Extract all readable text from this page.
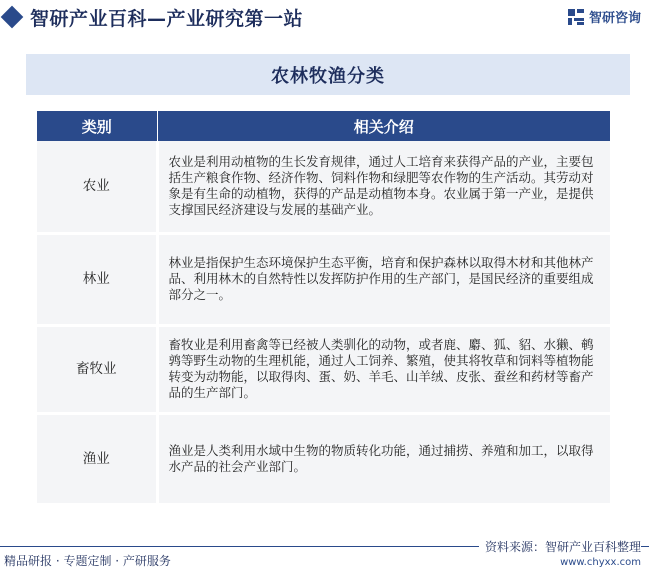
智研产业百科—产业研究第一站	智研咨询
农林牧渔分类
类别	相关介绍
农业	农业是利用动植物的生长发育规律，通过人工培育来获得产品的产业，主要包括生产粮食作物、经济作物、饲料作物和绿肥等农作物的生产活动。其劳动对象是有生命的动植物，获得的产品是动植物本身。农业属于第一产业，是提供支撑国民经济建设与发展的基础产业。
林业	林业是指保护生态环境保护生态平衡，培育和保护森林以取得木材和其他林产品、利用林木的自然特性以发挥防护作用的生产部门，是国民经济的重要组成部分之一。
畜牧业	畜牧业是利用畜禽等已经被人类驯化的动物，或者鹿、麝、狐、貂、水獭、鹌鹑等野生动物的生理机能，通过人工饲养、繁殖，使其将牧草和饲料等植物能转变为动物能，以取得肉、蛋、奶、羊毛、山羊绒、皮张、蚕丝和药材等畜产品的生产部门。
渔业	渔业是人类利用水域中生物的物质转化功能，通过捕捞、养殖和加工，以取得水产品的社会产业部门。
资料来源：智研产业百科整理
精品研报 · 专题定制 · 产研服务	www.chyxx.com
